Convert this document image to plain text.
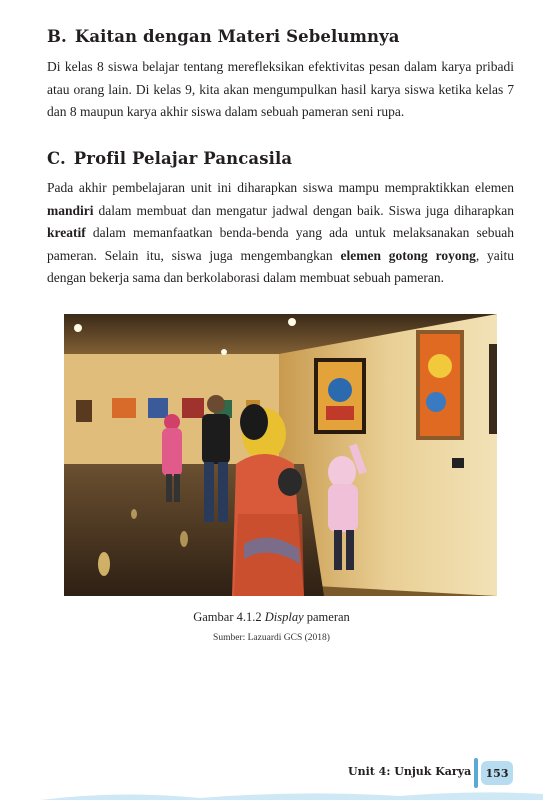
B. Kaitan dengan Materi Sebelumnya

Di kelas 8 siswa belajar tentang merefleksikan efektivitas pesan dalam karya pribadi atau orang lain. Di kelas 9, kita akan mengumpulkan hasil karya siswa ketika kelas 7 dan 8 maupun karya akhir siswa dalam sebuah pameran seni rupa.

C. Profil Pelajar Pancasila

Pada akhir pembelajaran unit ini diharapkan siswa mampu mempraktikkan elemen mandiri dalam membuat dan mengatur jadwal dengan baik. Siswa juga diharapkan kreatif dalam memanfaatkan benda-benda yang ada untuk melaksanakan sebuah pameran. Selain itu, siswa juga mengembangkan elemen gotong royong, yaitu dengan bekerja sama dan berkolaborasi dalam membuat sebuah pameran.

Gambar 4.1.2 Display pameran

Sumber: Lazuardi GCS (2018)

Unit 4: Unjuk Karya	153
